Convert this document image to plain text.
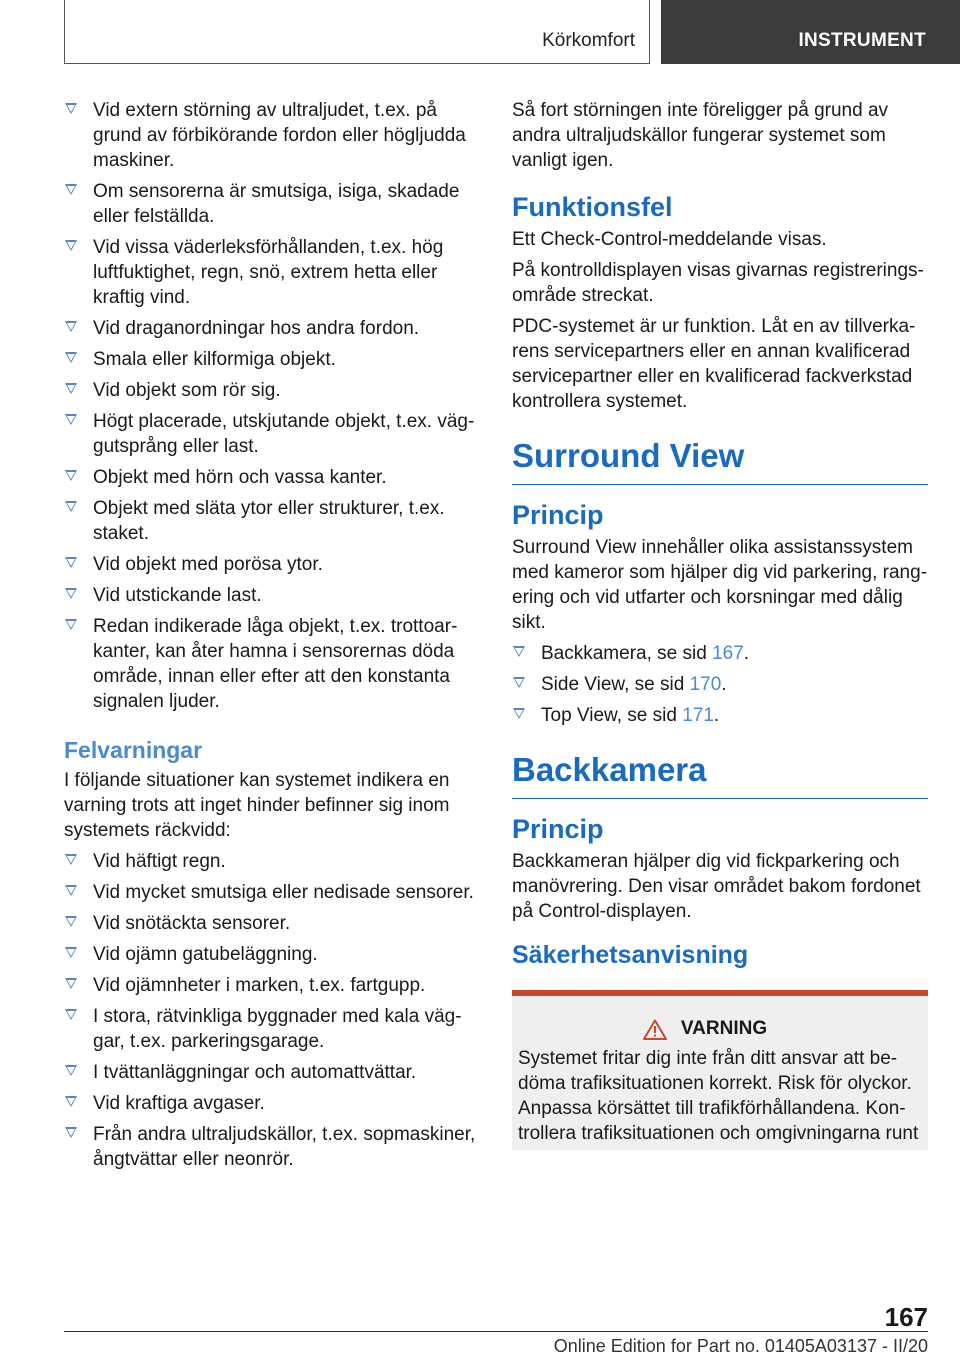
Körkomfort	INSTRUMENT
Vid extern störning av ultraljudet, t.ex. på grund av förbikörande fordon eller högljudda maskiner.
Om sensorerna är smutsiga, isiga, skadade eller felställda.
Vid vissa väderleksförhållanden, t.ex. hög luftfuktighet, regn, snö, extrem hetta eller kraftig vind.
Vid draganordningar hos andra fordon.
Smala eller kilformiga objekt.
Vid objekt som rör sig.
Högt placerade, utskjutande objekt, t.ex. väggutsprång eller last.
Objekt med hörn och vassa kanter.
Objekt med släta ytor eller strukturer, t.ex. staket.
Vid objekt med porösa ytor.
Vid utstickande last.
Redan indikerade låga objekt, t.ex. trottoarkanter, kan åter hamna i sensorernas döda område, innan eller efter att den konstanta signalen ljuder.
Felvarningar

I följande situationer kan systemet indikera en varning trots att inget hinder befinner sig inom systemets räckvidd:

Vid häftigt regn.
Vid mycket smutsiga eller nedisade sensorer.
Vid snötäckta sensorer.
Vid ojämn gatubeläggning.
Vid ojämnheter i marken, t.ex. fartgupp.
I stora, rätvinkliga byggnader med kala väggar, t.ex. parkeringsgarage.
I tvättanläggningar och automattvättar.
Vid kraftiga avgaser.
Från andra ultraljudskällor, t.ex. sopmaskiner, ångtvättar eller neonrör.

Så fort störningen inte föreligger på grund av andra ultraljudskällor fungerar systemet som vanligt igen.

Funktionsfel

Ett Check-Control-meddelande visas.

På kontrolldisplayen visas givarnas registreringsområde streckat.

PDC-systemet är ur funktion. Låt en av tillverkarens servicepartners eller en annan kvalificerad servicepartner eller en kvalificerad fackverkstad kontrollera systemet.

Surround View
Princip

Surround View innehåller olika assistanssystem med kameror som hjälper dig vid parkering, rangering och vid utfarter och korsningar med dålig sikt.

Backkamera, se sid 167.
Side View, se sid 170.
Top View, se sid 171.
Backkamera
Princip

Backkameran hjälper dig vid fickparkering och manövrering. Den visar området bakom fordonet på Control-displayen.

Säkerhetsanvisning
VARNING

Systemet fritar dig inte från ditt ansvar att bedöma trafiksituationen korrekt. Risk för olyckor. Anpassa körsättet till trafikförhållandena. Kontrollera trafiksituationen och omgivningarna runt

167
Online Edition for Part no. 01405A03137 - II/20
